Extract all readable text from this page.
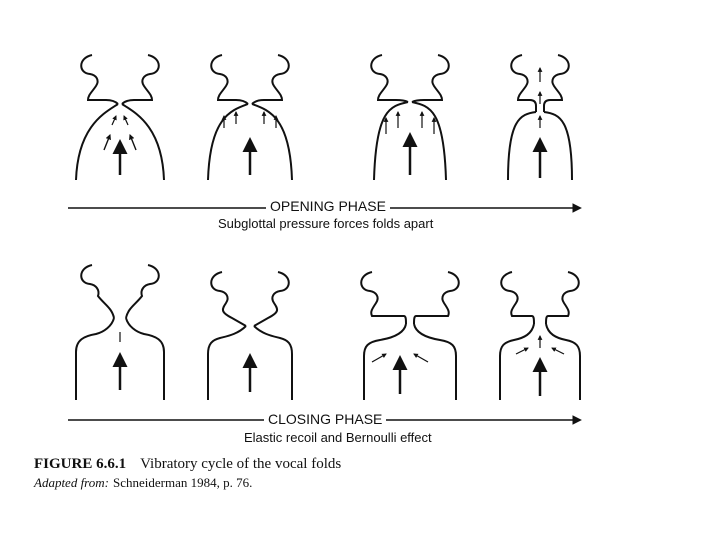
OPENING PHASE
Subglottal pressure forces folds apart
CLOSING PHASE
Elastic recoil and Bernoulli effect
FIGURE 6.6.1 Vibratory cycle of the vocal folds
Adapted from: Schneiderman 1984, p. 76.
